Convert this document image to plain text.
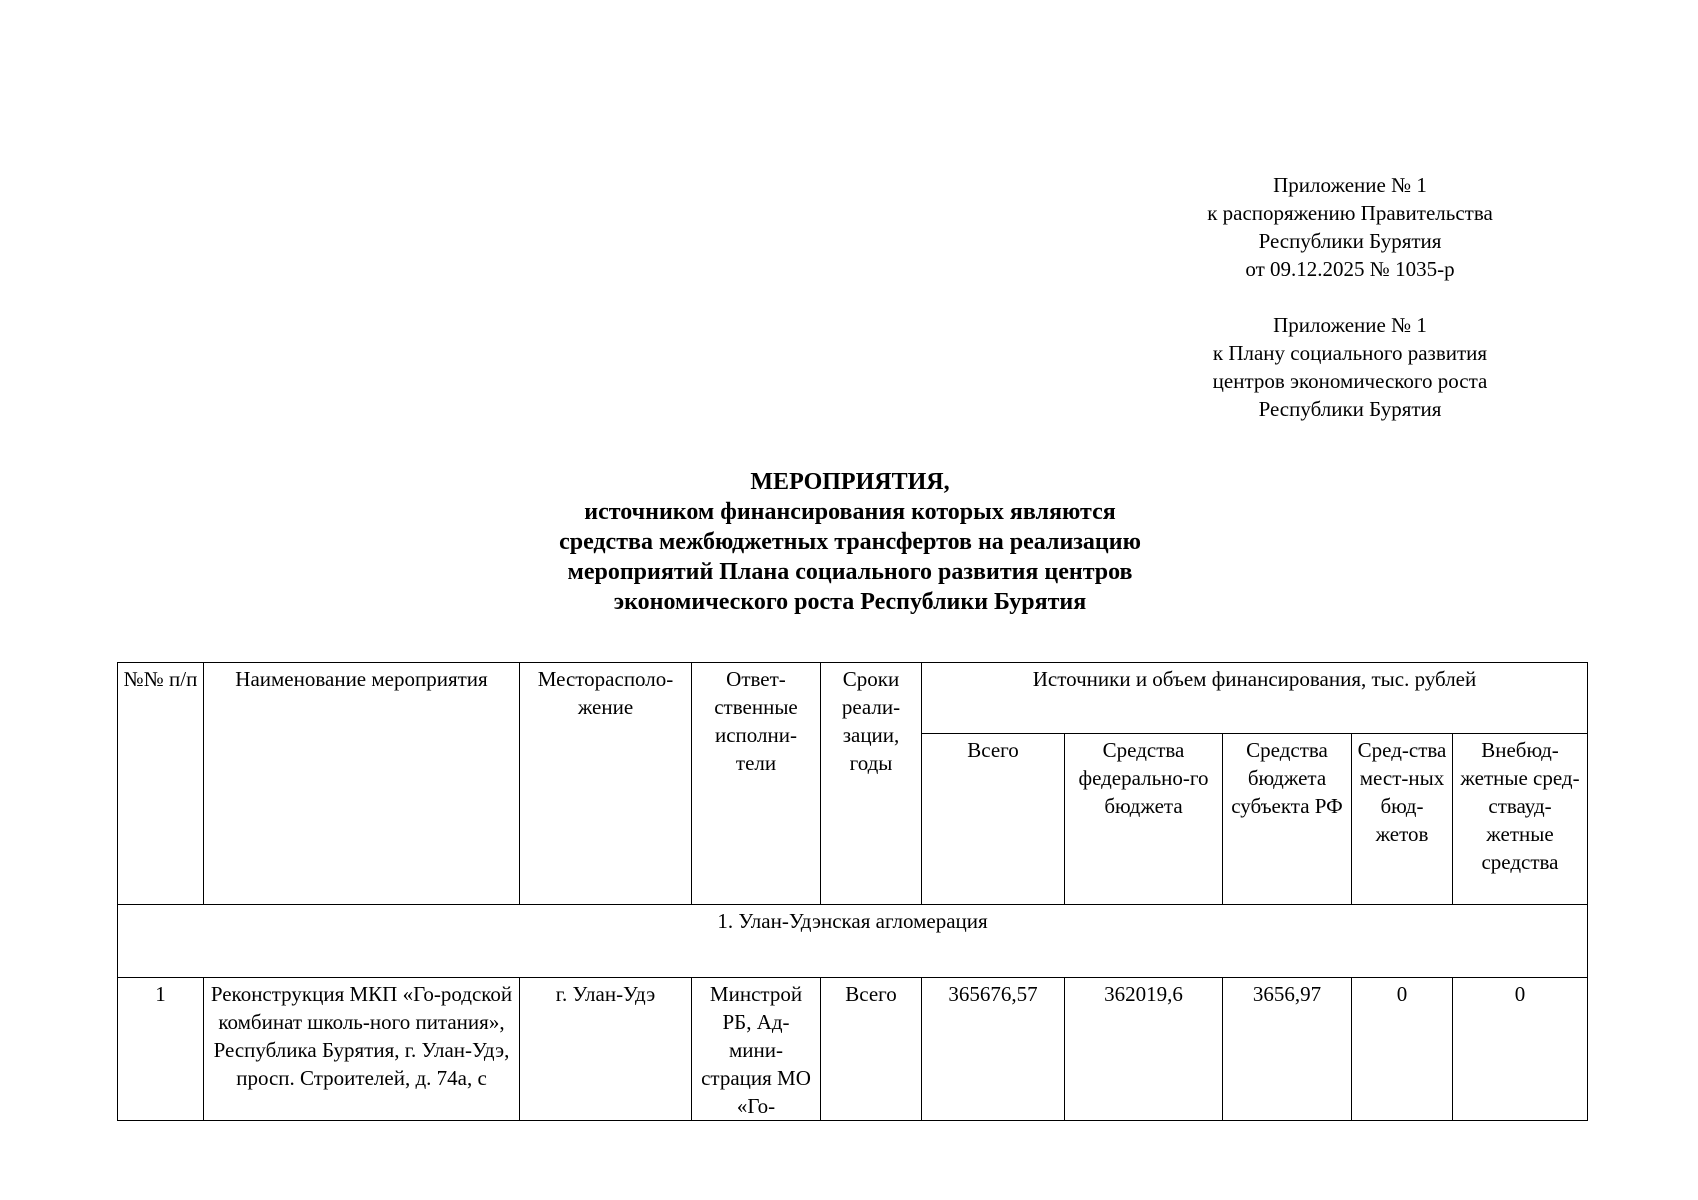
Приложение № 1
к распоряжению Правительства
Республики Бурятия
от 09.12.2025 № 1035-р
Приложение № 1
к Плану социального развития
центров экономического роста
Республики Бурятия
МЕРОПРИЯТИЯ,
источником финансирования которых являются
средства межбюджетных трансфертов на реализацию
мероприятий Плана социального развития центров
экономического роста Республики Бурятия
№№ п/п	Наименование мероприятия	Месторасполо-жение	Ответ-ственные исполни-тели	Сроки реали-зации, годы	Источники и объем финансирования, тыс. рублей				
					Всего	Средства федерально-го бюджета	Средства бюджета субъекта РФ	Сред-ства мест-ных бюд-жетов	Внебюд-жетные сред-ствауд-жетные средства
1. Улан-Удэнская агломерация									
1	Реконструкция МКП «Го-родской комбинат школь-ного питания», Республика Бурятия, г. Улан-Удэ, просп. Строителей, д. 74а, с	г. Улан-Удэ	Минстрой РБ, Ад-мини-страция МО «Го-	Всего	365676,57	362019,6	3656,97	0	0
